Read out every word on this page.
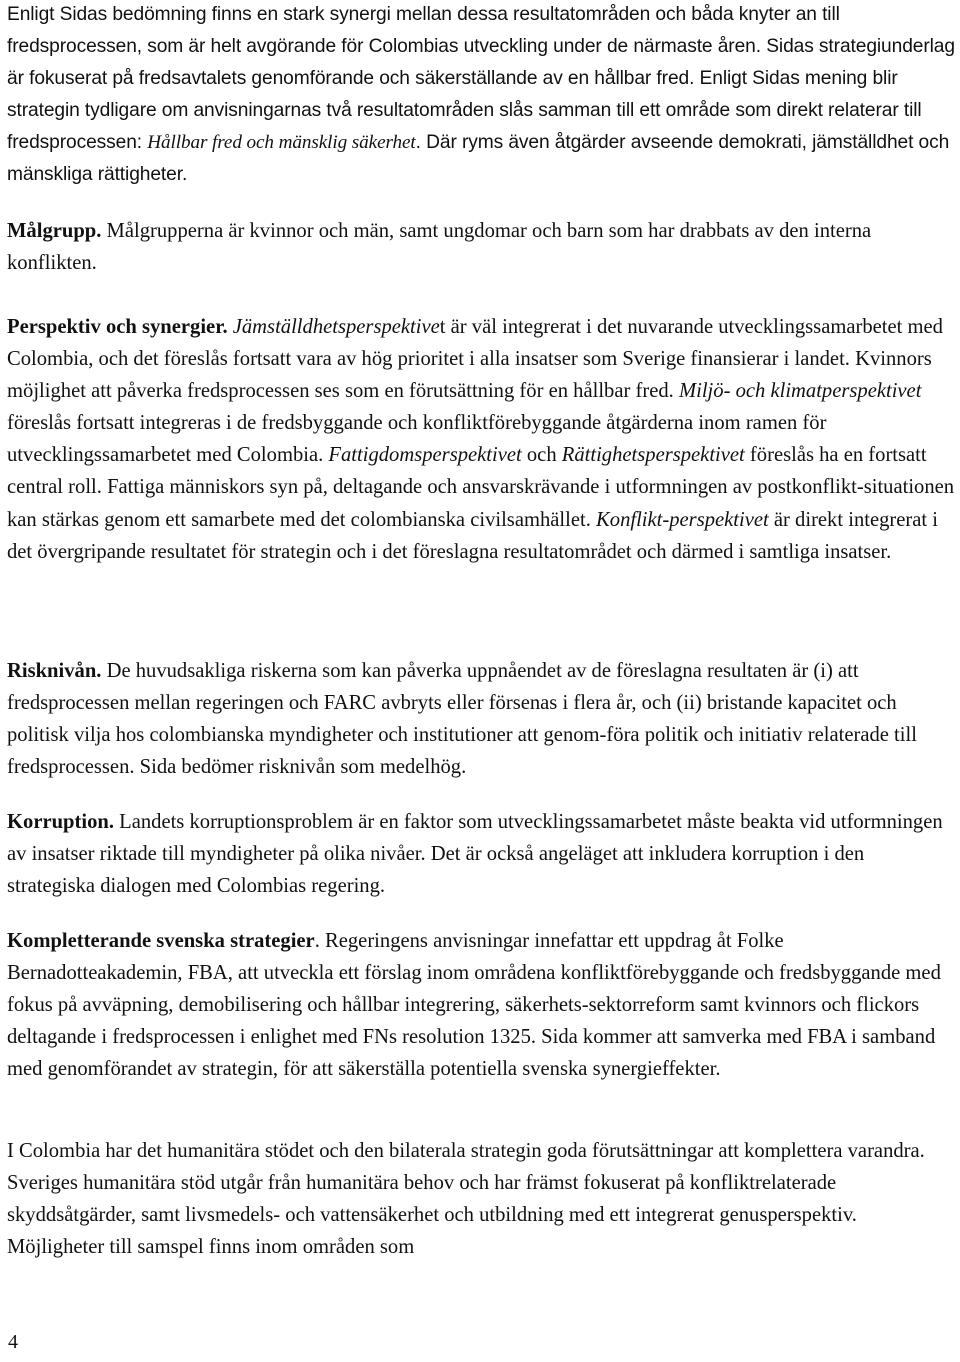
Enligt Sidas bedömning finns en stark synergi mellan dessa resultatområden och båda knyter an till fredsprocessen, som är helt avgörande för Colombias utveckling under de närmaste åren. Sidas strategiunderlag är fokuserat på fredsavtalets genomförande och säkerställande av en hållbar fred. Enligt Sidas mening blir strategin tydligare om anvisningarnas två resultatområden slås samman till ett område som direkt relaterar till fredsprocessen: Hållbar fred och mänsklig säkerhet. Där ryms även åtgärder avseende demokrati, jämställdhet och mänskliga rättigheter.

Målgrupp. Målgrupperna är kvinnor och män, samt ungdomar och barn som har drabbats av den interna konflikten.

Perspektiv och synergier. Jämställdhetsperspektivet är väl integrerat i det nuvarande utvecklingssamarbetet med Colombia, och det föreslås fortsatt vara av hög prioritet i alla insatser som Sverige finansierar i landet. Kvinnors möjlighet att påverka fredsprocessen ses som en förutsättning för en hållbar fred. Miljö- och klimatperspektivet föreslås fortsatt integreras i de fredsbyggande och konfliktförebyggande åtgärderna inom ramen för utvecklingssamarbetet med Colombia. Fattigdomsperspektivet och Rättighetsperspektivet föreslås ha en fortsatt central roll. Fattiga människors syn på, deltagande och ansvarskrävande i utformningen av postkonflikt-situationen kan stärkas genom ett samarbete med det colombianska civilsamhället. Konflikt-perspektivet är direkt integrerat i det övergripande resultatet för strategin och i det föreslagna resultatområdet och därmed i samtliga insatser.

Risknivån. De huvudsakliga riskerna som kan påverka uppnåendet av de föreslagna resultaten är (i) att fredsprocessen mellan regeringen och FARC avbryts eller försenas i flera år, och (ii) bristande kapacitet och politisk vilja hos colombianska myndigheter och institutioner att genom-föra politik och initiativ relaterade till fredsprocessen. Sida bedömer risknivån som medelhög.

Korruption. Landets korruptionsproblem är en faktor som utvecklingssamarbetet måste beakta vid utformningen av insatser riktade till myndigheter på olika nivåer. Det är också angeläget att inkludera korruption i den strategiska dialogen med Colombias regering.

Kompletterande svenska strategier. Regeringens anvisningar innefattar ett uppdrag åt Folke Bernadotteakademin, FBA, att utveckla ett förslag inom områdena konfliktförebyggande och fredsbyggande med fokus på avväpning, demobilisering och hållbar integrering, säkerhets-sektorreform samt kvinnors och flickors deltagande i fredsprocessen i enlighet med FNs resolution 1325. Sida kommer att samverka med FBA i samband med genomförandet av strategin, för att säkerställa potentiella svenska synergieffekter.

I Colombia har det humanitära stödet och den bilaterala strategin goda förutsättningar att komplettera varandra. Sveriges humanitära stöd utgår från humanitära behov och har främst fokuserat på konfliktrelaterade skyddsåtgärder, samt livsmedels- och vattensäkerhet och utbildning med ett integrerat genusperspektiv. Möjligheter till samspel finns inom områden som

4
